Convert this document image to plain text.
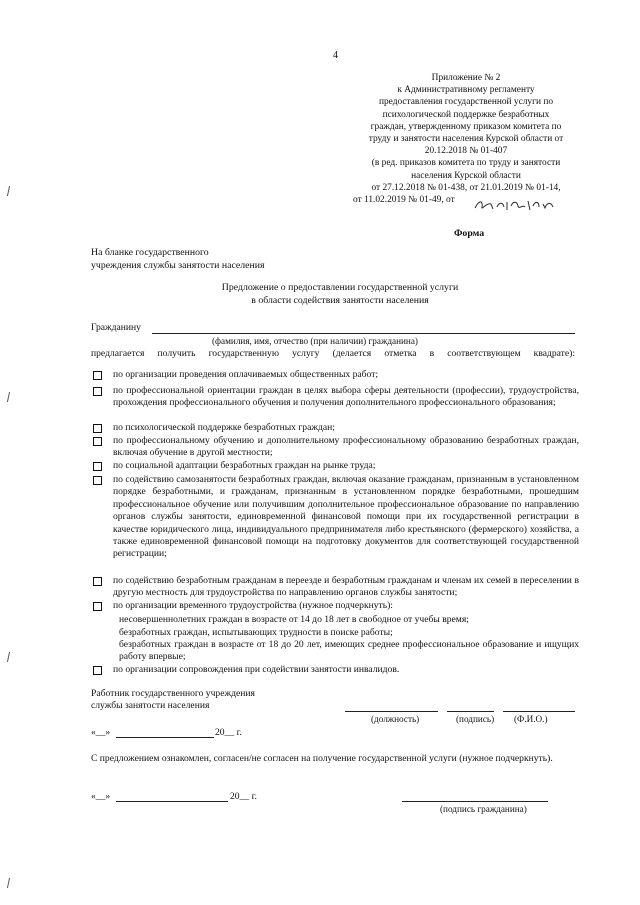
4
Приложение № 2
к Административному регламенту
предоставления государственной услуги по
психологической поддержке безработных
граждан, утвержденному приказом комитета по
труду и занятости населения Курской области от
20.12.2018 № 01-407
(в ред. приказов комитета по труду и занятости
населения Курской области
от 27.12.2018 № 01-438, от 21.01.2019 № 01-14,
от 11.02.2019 № 01-49, от
Форма
На бланке государственного
учреждения службы занятости населения
Предложение о предоставлении государственной услуги
в области содействия занятости населения
Гражданину
(фамилия, имя, отчество (при наличии) гражданина)
предлагается получить государственную услугу (делается отметка в соответствующем квадрате):
по организации проведения оплачиваемых общественных работ;
по профессиональной ориентации граждан в целях выбора сферы деятельности (профессии), трудоустройства, прохождения профессионального обучения и получения дополнительного профессионального образования;
по психологической поддержке безработных граждан;
по профессиональному обучению и дополнительному профессиональному образованию безработных граждан, включая обучение в другой местности;
по социальной адаптации безработных граждан на рынке труда;
по содействию самозанятости безработных граждан, включая оказание гражданам, признанным в установленном порядке безработными, и гражданам, признанным в установленном порядке безработными, прошедшим профессиональное обучение или получившим дополнительное профессиональное образование по направлению органов службы занятости, единовременной финансовой помощи при их государственной регистрации в качестве юридического лица, индивидуального предпринимателя либо крестьянского (фермерского) хозяйства, а также единовременной финансовой помощи на подготовку документов для соответствующей государственной регистрации;
по содействию безработным гражданам в переезде и безработным гражданам и членам их семей в переселении в другую местность для трудоустройства по направлению органов службы занятости;
по организации временного трудоустройства (нужное подчеркнуть):
несовершеннолетних граждан в возрасте от 14 до 18 лет в свободное от учебы время;
безработных граждан, испытывающих трудности в поиске работы;
безработных граждан в возрасте от 18 до 20 лет, имеющих среднее профессиональное образование и ищущих работу впервые;
по организации сопровождения при содействии занятости инвалидов.
Работник государственного учреждения
службы занятости населения
(должность)	(подпись) (Ф.И.О.)
«__»	20__ г.
С предложением ознакомлен, согласен/не согласен на получение государственной услуги (нужное подчеркнуть).
«__»	20__ г.
(подпись гражданина)
